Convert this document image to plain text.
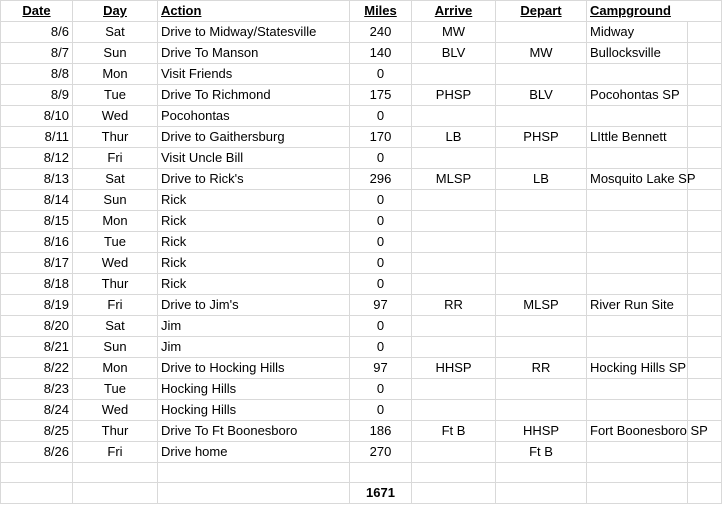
Date	Day	Action	Miles	Arrive	Depart	Campground	
8/6	Sat	Drive to Midway/Statesville	240	MW		Midway	
8/7	Sun	Drive To Manson	140	BLV	MW	Bullocksville	
8/8	Mon	Visit Friends	0				
8/9	Tue	Drive To Richmond	175	PHSP	BLV	Pocohontas SP	
8/10	Wed	Pocohontas	0				
8/11	Thur	Drive to Gaithersburg	170	LB	PHSP	LIttle Bennett	
8/12	Fri	Visit Uncle Bill	0				
8/13	Sat	Drive to Rick's	296	MLSP	LB	Mosquito Lake SP	
8/14	Sun	Rick	0				
8/15	Mon	Rick	0				
8/16	Tue	Rick	0				
8/17	Wed	Rick	0				
8/18	Thur	Rick	0				
8/19	Fri	Drive to Jim's	97	RR	MLSP	River Run Site	
8/20	Sat	Jim	0				
8/21	Sun	Jim	0				
8/22	Mon	Drive to Hocking Hills	97	HHSP	RR	Hocking Hills SP	
8/23	Tue	Hocking Hills	0				
8/24	Wed	Hocking Hills	0				
8/25	Thur	Drive To Ft Boonesboro	186	Ft B	HHSP	Fort Boonesboro SP	
8/26	Fri	Drive home	270		Ft B		

			1671				
